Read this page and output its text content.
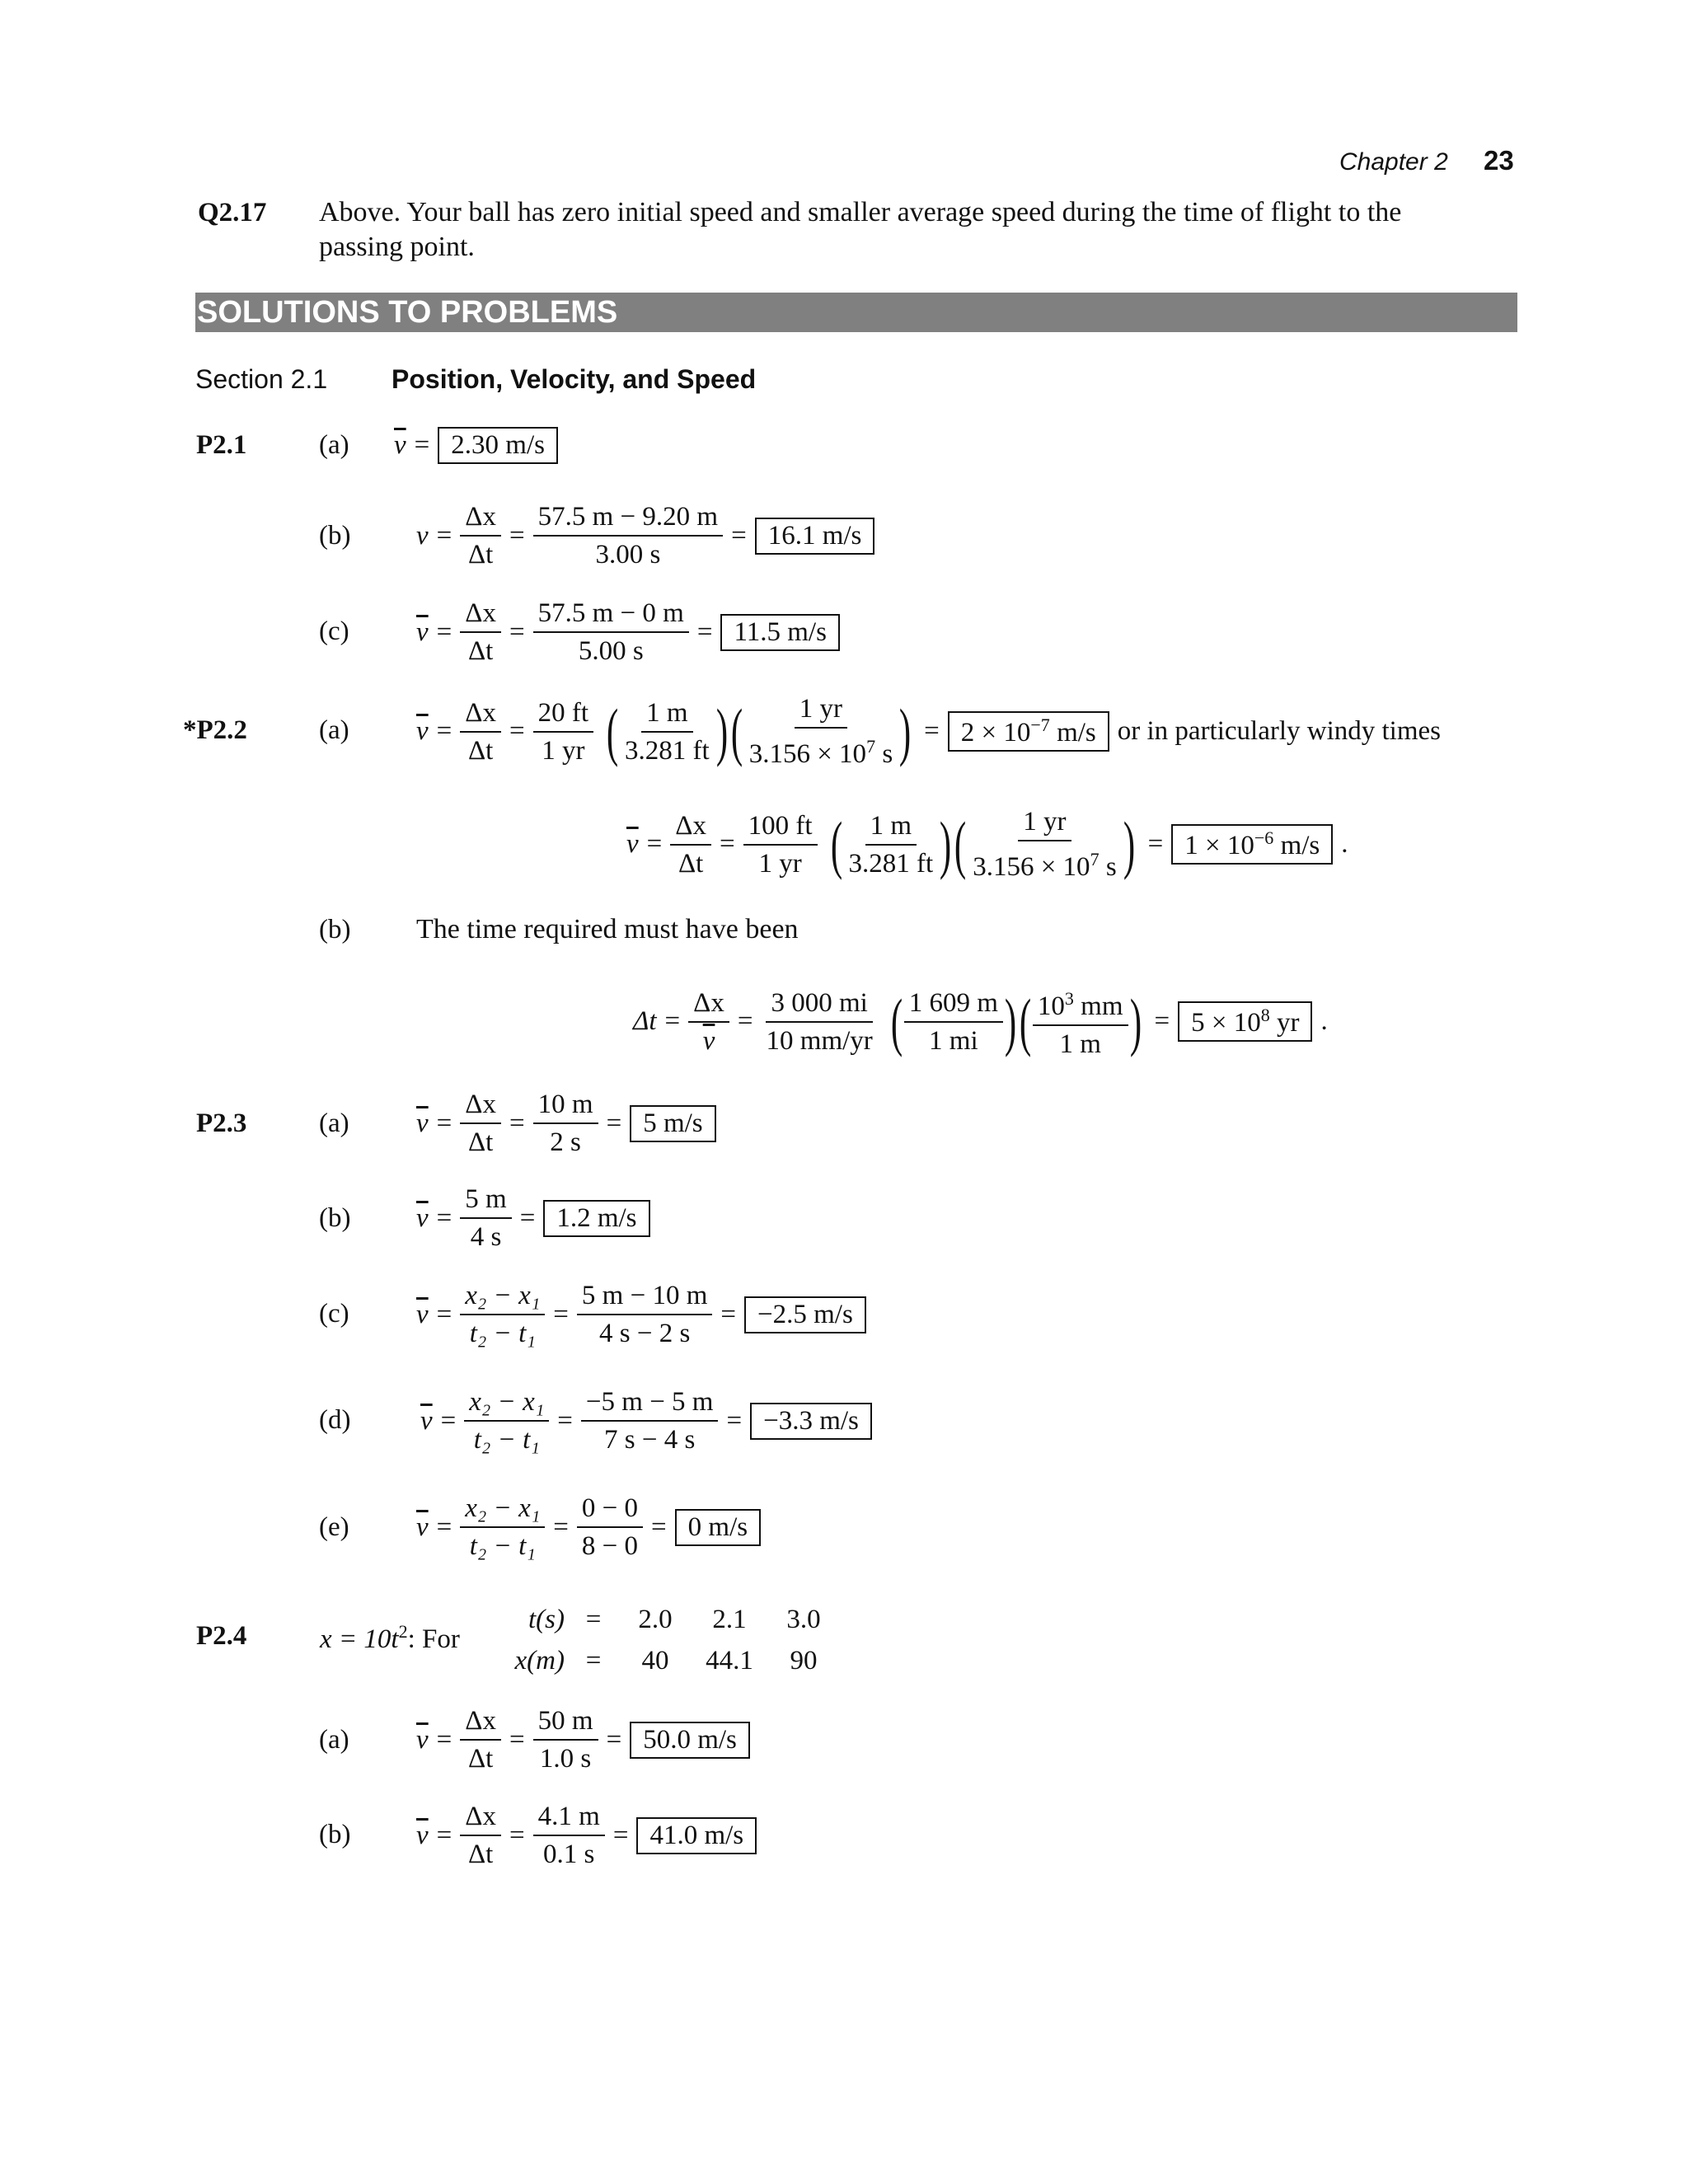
Chapter 2 23
Q2.17 Above. Your ball has zero initial speed and smaller average speed during the time of flight to the
passing point.
SOLUTIONS TO PROBLEMS
Section 2.1 Position, Velocity, and Speed
P2.1	(a) $\overline{v} = 2.30$ m/s
(b) $v = \frac{\Delta x}{\Delta t} = \frac{57.5 m - 9.20 m}{3.00 s} = 16.1$ m/s
(c) $\overline{v} = \frac{\Delta x}{\Delta t} = \frac{57.5 m - 0 m}{5.00 s} = 11.5$ m/s
*P2.2	(a) $\overline{v} = \frac{\Delta x}{\Delta t} = \frac{20 ft}{1 yr}$ ( $\frac{1 m}{3.281 ft}$ ) ( $\frac{1 yr}{3.156 \times 10^7 s}$ ) = $2 \times 10^{-7}$ m/s or in particularly windy times
$\overline{v} = \frac{\Delta x}{\Delta t} = \frac{100 ft}{1 yr}$ ( $\frac{1 m}{3.281 ft}$ ) ( $\frac{1 yr}{3.156 \times 10^7 s}$ ) = $1 \times 10^{-6}$ m/s .
(b) The time required must have been
$\Delta t = \frac{\Delta x}{v} = \frac{3 000 mi}{10 mm/yr}$ ( $\frac{1 609 m}{1 mi}$ ) ( $\frac{10^3 mm}{1 m}$ ) = $5 \times 10^8$ yr .
P2.3	(a) $\overline{v} = \frac{\Delta x}{\Delta t} = \frac{10 m}{2 s} = 5$ m/s
(b) $\overline{v} = \frac{5 m}{4 s} = 1.2$ m/s
(c) $\overline{v} = \frac{\text{x₂ − x₁}}{\text{t₂ − t₁}} = \frac{5 m - 10 m}{4 s - 2 s} = -2.5$ m/s
(d)	$\overline{v} = \frac{\text{x₂ − x₁}}{\text{t₂ − t₁}} = \frac{-5 m - 5 m}{7 s - 4 s} = -3.3$ m/s
(e) $\overline{v} = \frac{\text{x₂ − x₁}}{\text{t₂ − t₁}} = \frac{0 - 0}{8 - 0} = 0$ m/s
P2.4	$x = 10t^2$: For
t(s) =	2.0	2.1	3.0
x(m) =	40	44.1	90
(a) $\overline{v} = \frac{\Delta x}{\Delta t} = \frac{50 m}{1.0 s} = 50.0$ m/s
(b) $\overline{v} = \frac{\Delta x}{\Delta t} = \frac{4.1 m}{0.1 s} = 41.0$ m/s
